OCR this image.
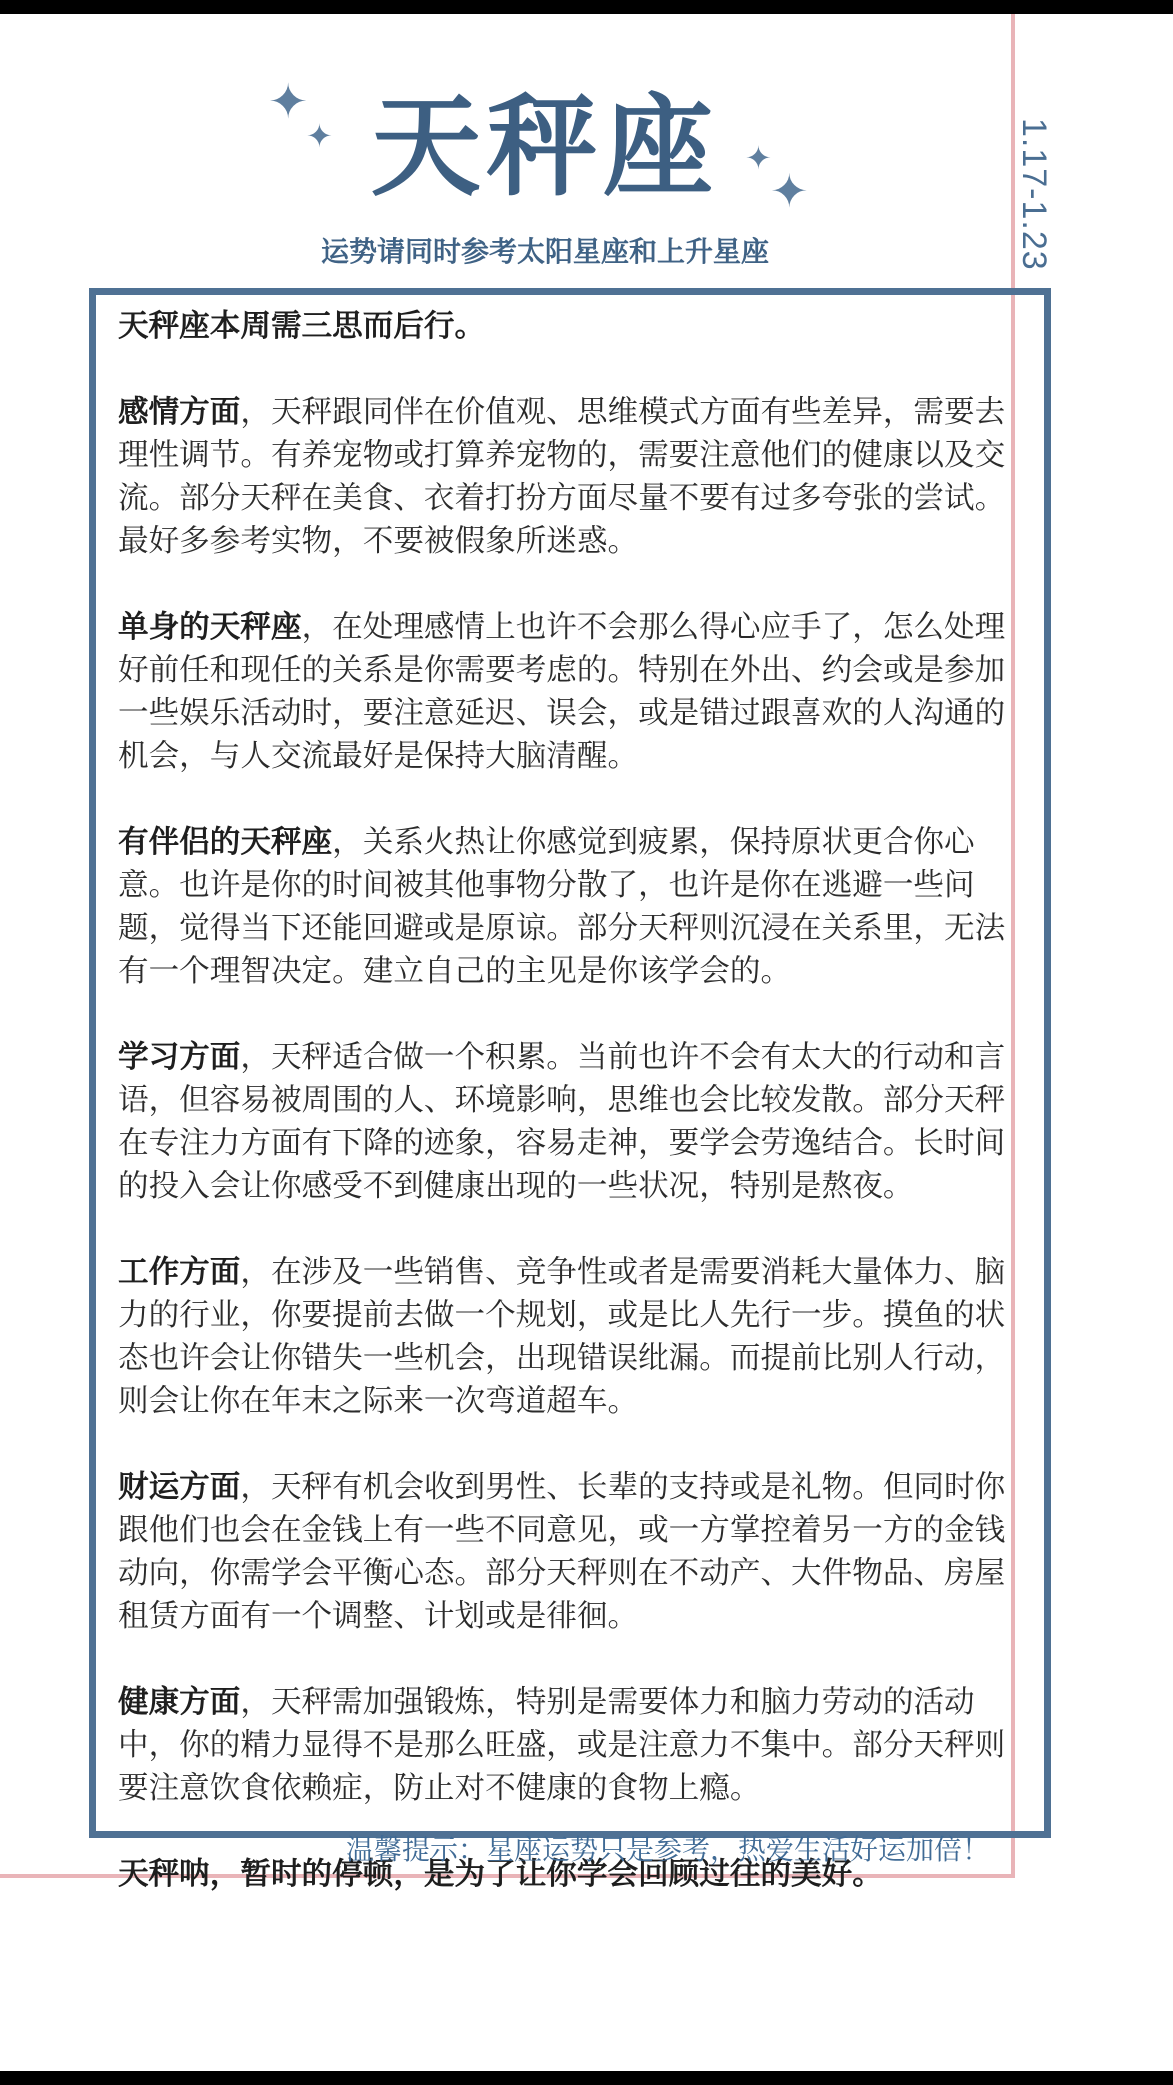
✦
✦
✦
✦
天秤座
运势请同时参考太阳星座和上升星座	1.17-1.23

天秤座本周需三思而后行。

感情方面，天秤跟同伴在价值观、思维模式方面有些差异，需要去理性调节。有养宠物或打算养宠物的，需要注意他们的健康以及交流。部分天秤在美食、衣着打扮方面尽量不要有过多夸张的尝试。最好多参考实物，不要被假象所迷惑。

单身的天秤座，在处理感情上也许不会那么得心应手了，怎么处理好前任和现任的关系是你需要考虑的。特别在外出、约会或是参加一些娱乐活动时，要注意延迟、误会，或是错过跟喜欢的人沟通的机会，与人交流最好是保持大脑清醒。

有伴侣的天秤座，关系火热让你感觉到疲累，保持原状更合你心意。也许是你的时间被其他事物分散了，也许是你在逃避一些问题，觉得当下还能回避或是原谅。部分天秤则沉浸在关系里，无法有一个理智决定。建立自己的主见是你该学会的。

学习方面，天秤适合做一个积累。当前也许不会有太大的行动和言语，但容易被周围的人、环境影响，思维也会比较发散。部分天秤在专注力方面有下降的迹象，容易走神，要学会劳逸结合。长时间的投入会让你感受不到健康出现的一些状况，特别是熬夜。

工作方面，在涉及一些销售、竞争性或者是需要消耗大量体力、脑力的行业，你要提前去做一个规划，或是比人先行一步。摸鱼的状态也许会让你错失一些机会，出现错误纰漏。而提前比别人行动，则会让你在年末之际来一次弯道超车。

财运方面，天秤有机会收到男性、长辈的支持或是礼物。但同时你跟他们也会在金钱上有一些不同意见，或一方掌控着另一方的金钱动向，你需学会平衡心态。部分天秤则在不动产、大件物品、房屋租赁方面有一个调整、计划或是徘徊。

健康方面，天秤需加强锻炼，特别是需要体力和脑力劳动的活动中，你的精力显得不是那么旺盛，或是注意力不集中。部分天秤则要注意饮食依赖症，防止对不健康的食物上瘾。

天秤呐，暂时的停顿，是为了让你学会回顾过往的美好。

温馨提示：星座运势只是参考，热爱生活好运加倍！
